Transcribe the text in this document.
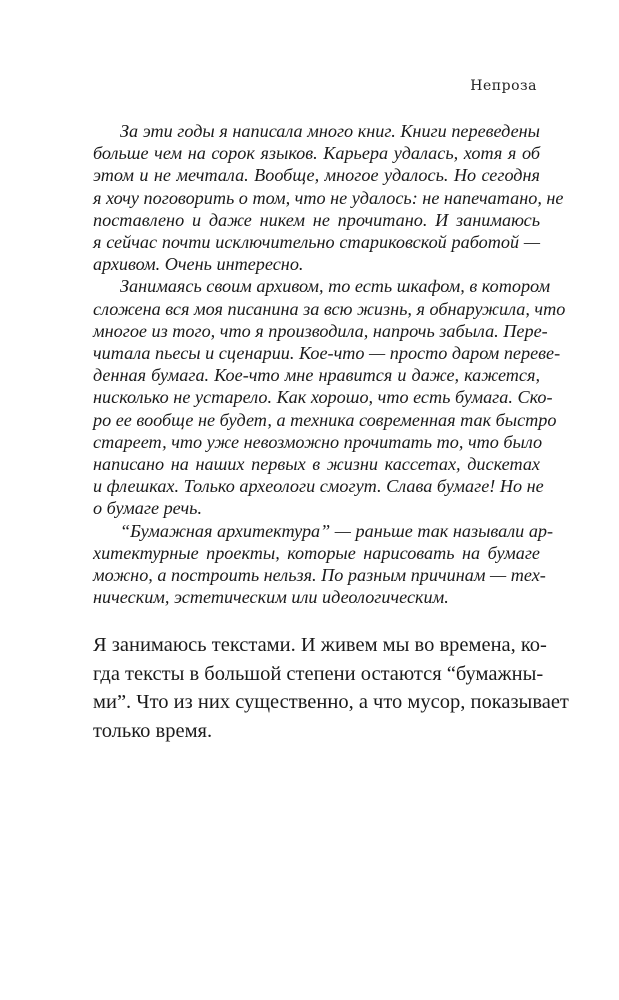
Непроза
За эти годы я написала много книг. Книги переведены
больше чем на сорок языков. Карьера удалась, хотя я об
этом и не мечтала. Вообще, многое удалось. Но сегодня
я хочу поговорить о том, что не удалось: не напечатано, не
поставлено и даже никем не прочитано. И занимаюсь
я сейчас почти исключительно стариковской работой —
архивом. Очень интересно.
Занимаясь своим архивом, то есть шкафом, в котором
сложена вся моя писанина за всю жизнь, я обнаружила, что
многое из того, что я производила, напрочь забыла. Пере-
читала пьесы и сценарии. Кое-что — просто даром переве-
денная бумага. Кое-что мне нравится и даже, кажется,
нисколько не устарело. Как хорошо, что есть бумага. Ско-
ро ее вообще не будет, а техника современная так быстро
стареет, что уже невозможно прочитать то, что было
написано на наших первых в жизни кассетах, дискетах
и флешках. Только археологи смогут. Слава бумаге! Но не
о бумаге речь.
“Бумажная архитектура” — раньше так называли ар-
хитектурные проекты, которые нарисовать на бумаге
можно, а построить нельзя. По разным причинам — тех-
ническим, эстетическим или идеологическим.
Я занимаюсь текстами. И живем мы во времена, ко-
гда тексты в большой степени остаются “бумажны-
ми”. Что из них существенно, а что мусор, показывает
только время.
